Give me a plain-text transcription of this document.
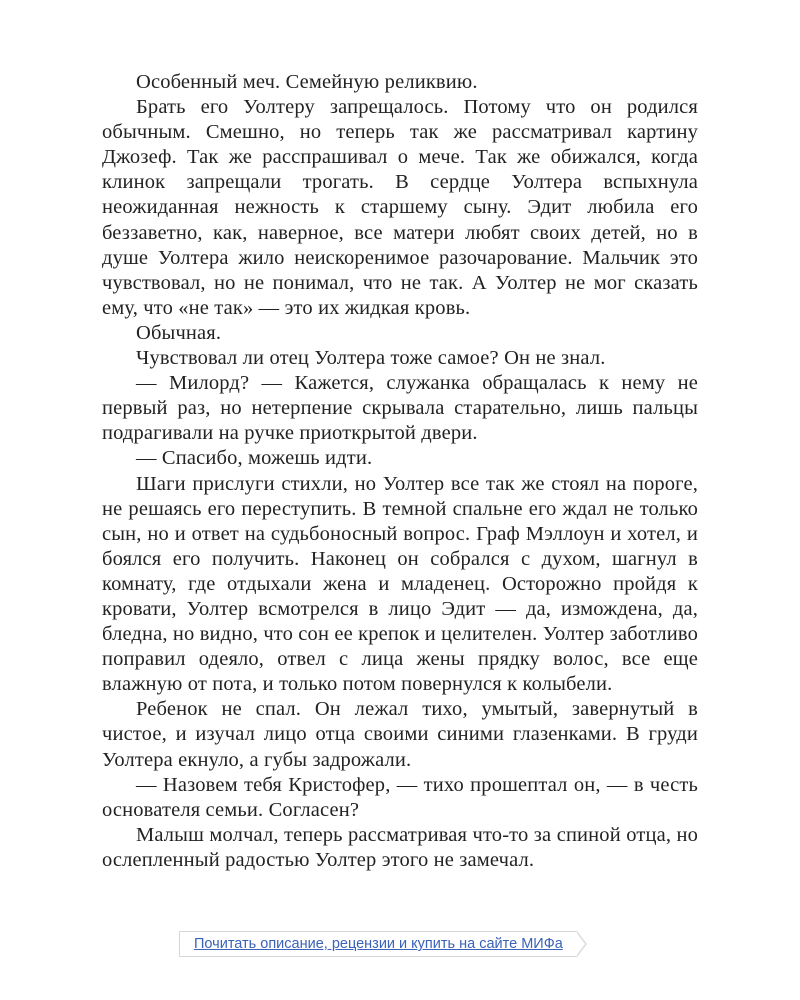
Особенный меч. Семейную реликвию.

Брать его Уолтеру запрещалось. Потому что он родился обычным. Смешно, но теперь так же рассматривал картину Джозеф. Так же расспрашивал о мече. Так же обижался, когда клинок запрещали трогать. В сердце Уолтера вспыхнула неожиданная нежность к старшему сыну. Эдит любила его беззаветно, как, наверное, все матери любят своих детей, но в душе Уолтера жило неискоренимое разочарование. Мальчик это чувствовал, но не понимал, что не так. А Уолтер не мог сказать ему, что «не так» — это их жидкая кровь.

Обычная.

Чувствовал ли отец Уолтера тоже самое? Он не знал.

— Милорд? — Кажется, служанка обращалась к нему не первый раз, но нетерпение скрывала старательно, лишь пальцы подрагивали на ручке приоткрытой двери.

— Спасибо, можешь идти.

Шаги прислуги стихли, но Уолтер все так же стоял на пороге, не решаясь его переступить. В темной спальне его ждал не только сын, но и ответ на судьбоносный вопрос. Граф Мэллоун и хотел, и боялся его получить. Наконец он собрался с духом, шагнул в комнату, где отдыхали жена и младенец. Осторожно пройдя к кровати, Уолтер всмотрелся в лицо Эдит — да, измождена, да, бледна, но видно, что сон ее крепок и целителен. Уолтер заботливо поправил одеяло, отвел с лица жены прядку волос, все еще влажную от пота, и только потом повернулся к колыбели.

Ребенок не спал. Он лежал тихо, умытый, завернутый в чистое, и изучал лицо отца своими синими глазенками. В груди Уолтера екнуло, а губы задрожали.

— Назовем тебя Кристофер, — тихо прошептал он, — в честь основателя семьи. Согласен?

Малыш молчал, теперь рассматривая что-то за спиной отца, но ослепленный радостью Уолтер этого не замечал.

Почитать описание, рецензии и купить на сайте МИФа
